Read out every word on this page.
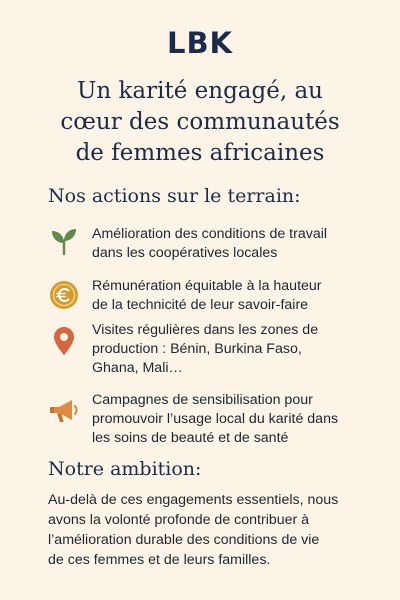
LBK
Un karité engagé, au
cœur des communautés
de femmes africaines
Nos actions sur le terrain:
Amélioration des conditions de travail
dans les coopératives locales
Rémunération équitable à la hauteur
de la technicité de leur savoir-faire
Visites régulières dans les zones de
production : Bénin, Burkina Faso,
Ghana, Mali…
Campagnes de sensibilisation pour
promouvoir l’usage local du karité dans
les soins de beauté et de santé
Notre ambition:
Au-delà de ces engagements essentiels, nous
avons la volonté profonde de contribuer à
l’amélioration durable des conditions de vie
de ces femmes et de leurs familles.
